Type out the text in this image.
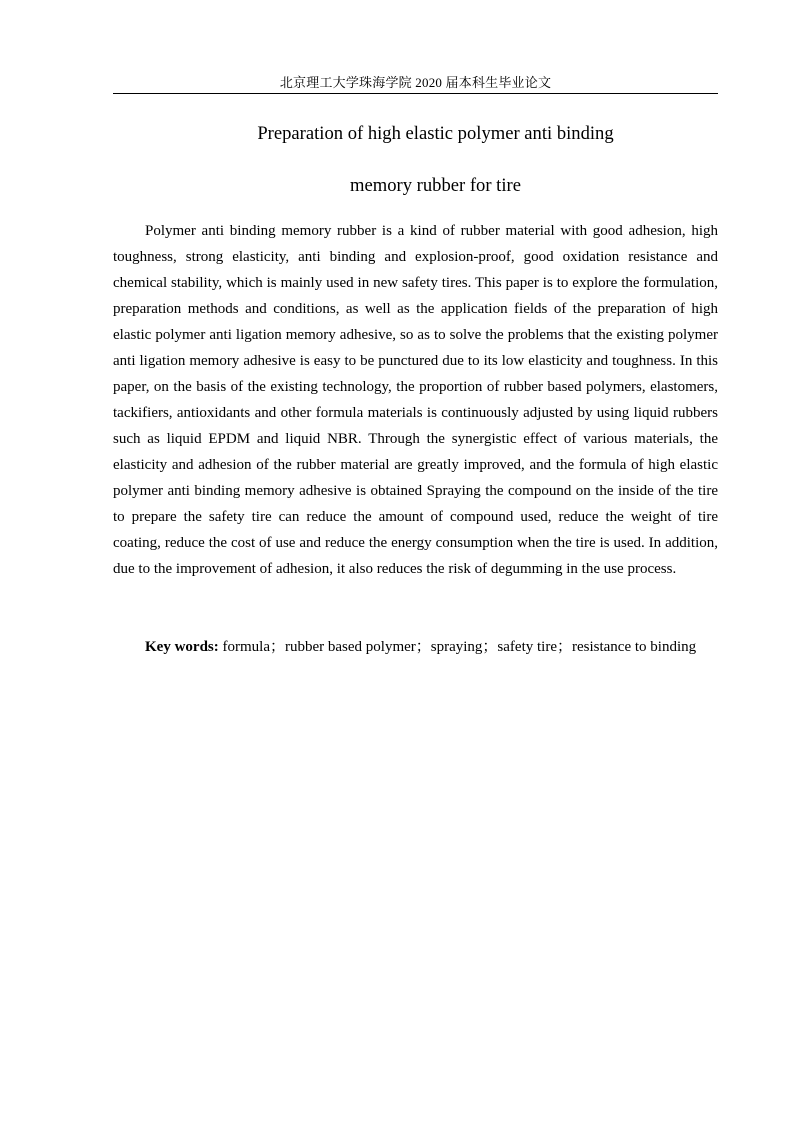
北京理工大学珠海学院 2020 届本科生毕业论文
Preparation of high elastic polymer anti binding
memory rubber for tire

Polymer anti binding memory rubber is a kind of rubber material with good adhesion, high toughness, strong elasticity, anti binding and explosion-proof, good oxidation resistance and chemical stability, which is mainly used in new safety tires. This paper is to explore the formulation, preparation methods and conditions, as well as the application fields of the preparation of high elastic polymer anti ligation memory adhesive, so as to solve the problems that the existing polymer anti ligation memory adhesive is easy to be punctured due to its low elasticity and toughness. In this paper, on the basis of the existing technology, the proportion of rubber based polymers, elastomers, tackifiers, antioxidants and other formula materials is continuously adjusted by using liquid rubbers such as liquid EPDM and liquid NBR. Through the synergistic effect of various materials, the elasticity and adhesion of the rubber material are greatly improved, and the formula of high elastic polymer anti binding memory adhesive is obtained Spraying the compound on the inside of the tire to prepare the safety tire can reduce the amount of compound used, reduce the weight of tire coating, reduce the cost of use and reduce the energy consumption when the tire is used. In addition, due to the improvement of adhesion, it also reduces the risk of degumming in the use process.

Key words: formula；rubber based polymer；spraying；safety tire；resistance to binding
